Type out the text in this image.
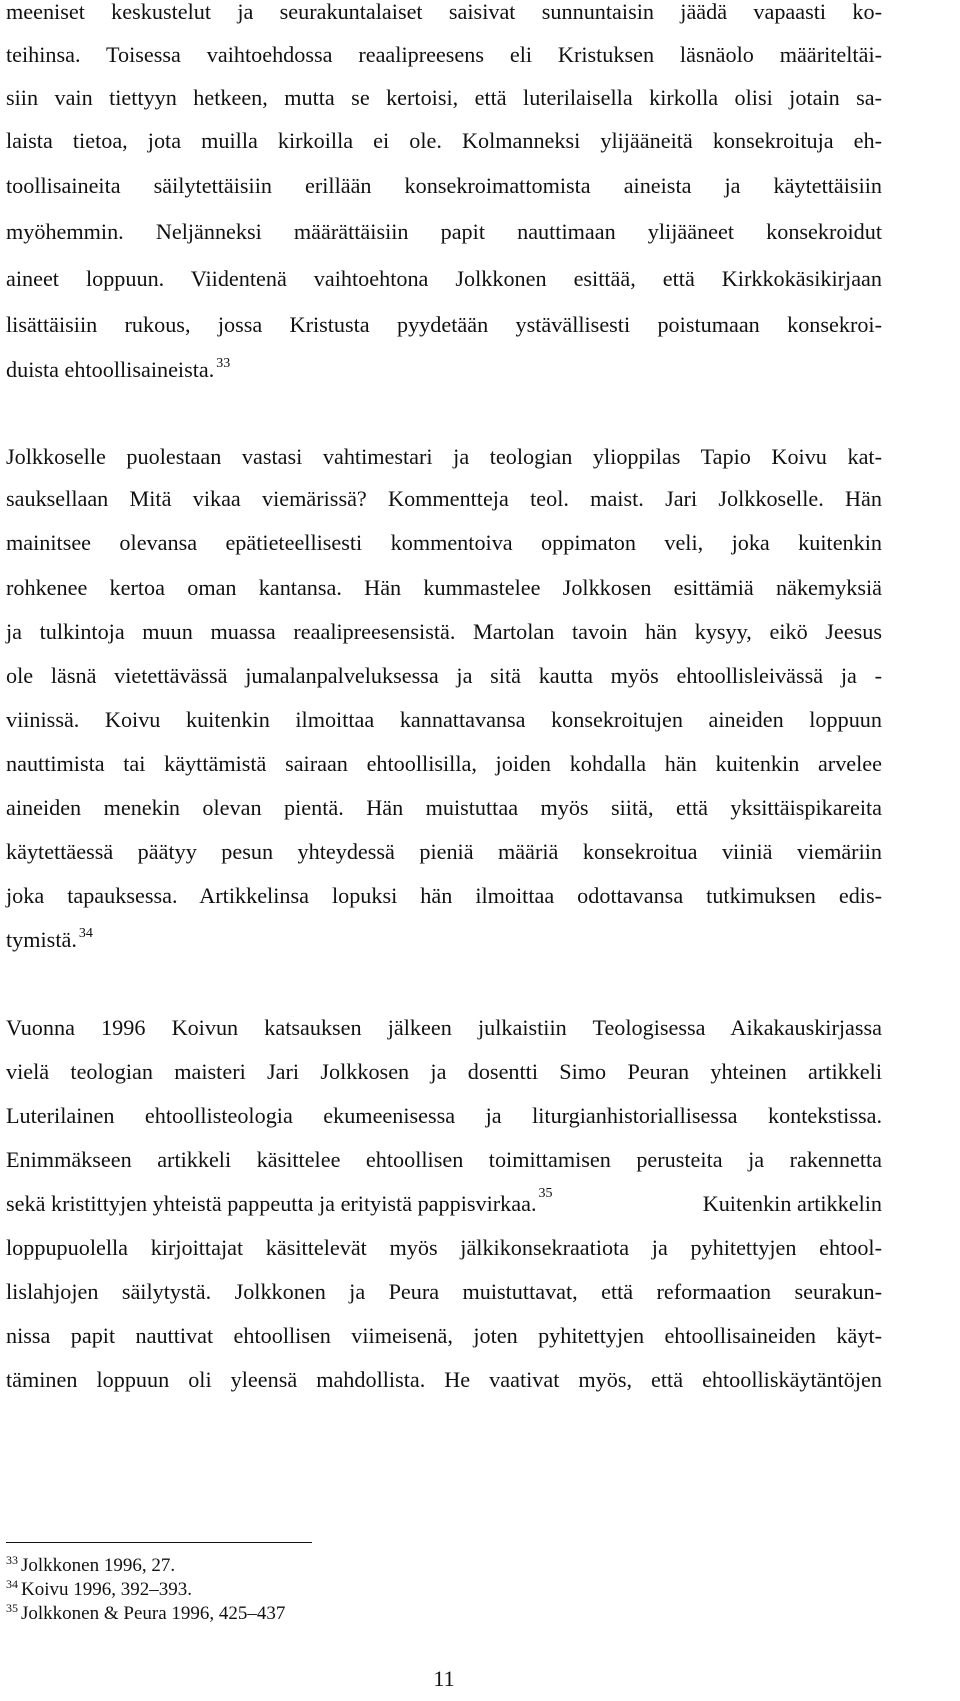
meeniset keskustelut ja seurakuntalaiset saisivat sunnuntaisin jäädä vapaasti ko-
teihinsa. Toisessa vaihtoehdossa reaalipreesens eli Kristuksen läsnäolo määriteltäi-
siin vain tiettyyn hetkeen, mutta se kertoisi, että luterilaisella kirkolla olisi jotain sa-
laista tietoa, jota muilla kirkoilla ei ole. Kolmanneksi ylijääneitä konsekroituja eh-
toollisaineita säilytettäisiin erillään konsekroimattomista aineista ja käytettäisiin
myöhemmin. Neljänneksi määrättäisiin papit nauttimaan ylijääneet konsekroidut
aineet loppuun. Viidentenä vaihtoehtona Jolkkonen esittää, että Kirkkokäsikirjaan
lisättäisiin rukous, jossa Kristusta pyydetään ystävällisesti poistumaan konsekroi-
duista ehtoollisaineista. $^{33}$
Jolkkoselle puolestaan vastasi vahtimestari ja teologian ylioppilas Tapio Koivu kat-
sauksellaan Mitä vikaa viemärissä? Kommentteja teol. maist. Jari Jolkkoselle. Hän
mainitsee olevansa epätieteellisesti kommentoiva oppimaton veli, joka kuitenkin
rohkenee kertoa oman kantansa. Hän kummastelee Jolkkosen esittämiä näkemyksiä
ja tulkintoja muun muassa reaalipreesensistä. Martolan tavoin hän kysyy, eikö Jeesus
ole läsnä vietettävässä jumalanpalveluksessa ja sitä kautta myös ehtoollisleivässä ja -
viinissä. Koivu kuitenkin ilmoittaa kannattavansa konsekroitujen aineiden loppuun
nauttimista tai käyttämistä sairaan ehtoollisilla, joiden kohdalla hän kuitenkin arvelee
aineiden menekin olevan pientä. Hän muistuttaa myös siitä, että yksittäispikareita
käytettäessä päätyy pesun yhteydessä pieniä määriä konsekroitua viiniä viemäriin
joka tapauksessa. Artikkelinsa lopuksi hän ilmoittaa odottavansa tutkimuksen edis-
tymistä. $^{34}$
Vuonna 1996 Koivun katsauksen jälkeen julkaistiin Teologisessa Aikakauskirjassa
vielä teologian maisteri Jari Jolkkosen ja dosentti Simo Peuran yhteinen artikkeli
Luterilainen ehtoollisteologia ekumeenisessa ja liturgianhistoriallisessa kontekstissa.
Enimmäkseen artikkeli käsittelee ehtoollisen toimittamisen perusteita ja rakennetta
sekä kristittyjen yhteistä pappeutta ja erityistä pappisvirkaa.$^{35}$	Kuitenkin artikkelin
loppupuolella kirjoittajat käsittelevät myös jälkikonsekraatiota ja pyhitettyjen ehtool-
lislahjojen säilytystä. Jolkkonen ja Peura muistuttavat, että reformaation seurakun-
nissa papit nauttivat ehtoollisen viimeisenä, joten pyhitettyjen ehtoollisaineiden käyt-
täminen loppuun oli yleensä mahdollista. He vaativat myös, että ehtoolliskäytäntöjen
$^{33}$ Jolkkonen 1996, 27.
$^{34}$ Koivu 1996, 392–393.
$^{35}$ Jolkkonen & Peura 1996, 425–437
11
